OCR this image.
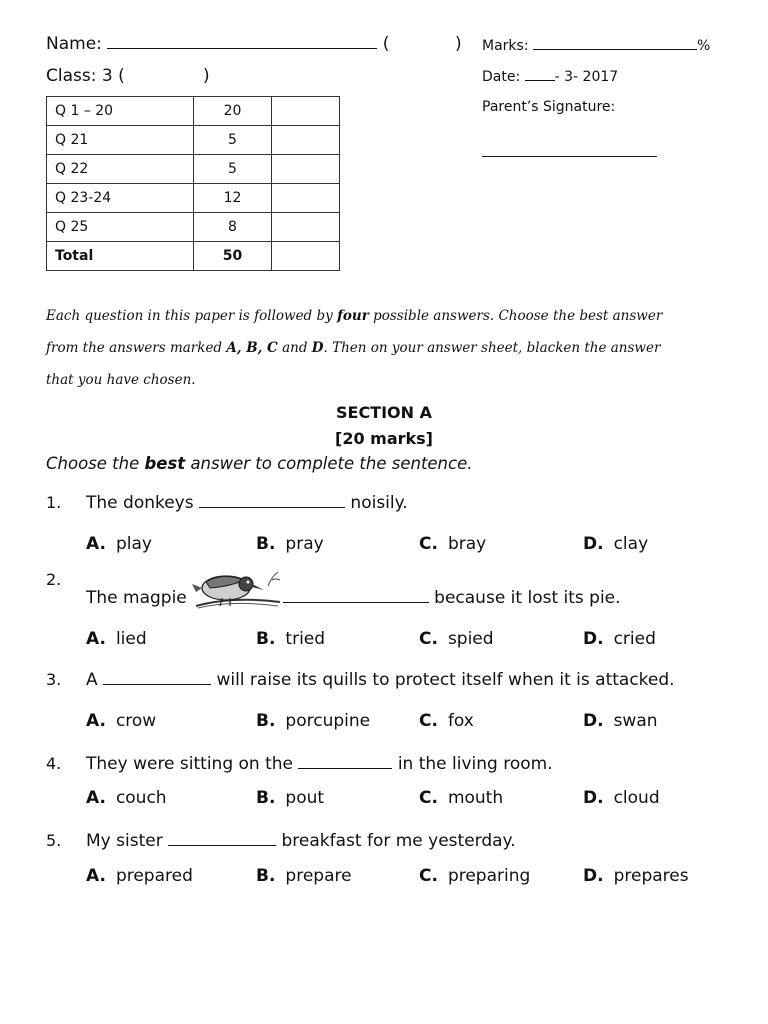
Name:	(	)
Class: 3 (	)
Marks:	%
Date: - 3- 2017
Parent’s Signature:
Q 1 – 20	20	
Q 21	5	
Q 22	5	
Q 23-24	12	
Q 25	8	
Total	50	
Each question in this paper is followed by four possible answers. Choose the best answer
from the answers marked A, B, C and D. Then on your answer sheet, blacken the answer
that you have chosen.
SECTION A
[20 marks]
Choose the best answer to complete the sentence.
1. The donkeys	noisily.
A. play	B. pray	C. bray	D. clay
2.
The magpie	because it lost its pie.
A. lied	B. tried	C. spied	D. cried
3. A	will raise its quills to protect itself when it is attacked.
A. crow	B. porcupine	C. fox	D. swan
4. They were sitting on the	in the living room.
A. couch	B. pout	C. mouth	D. cloud
5. My sister	breakfast for me yesterday.
A. prepared	B. prepare	C. preparing	D. prepares
